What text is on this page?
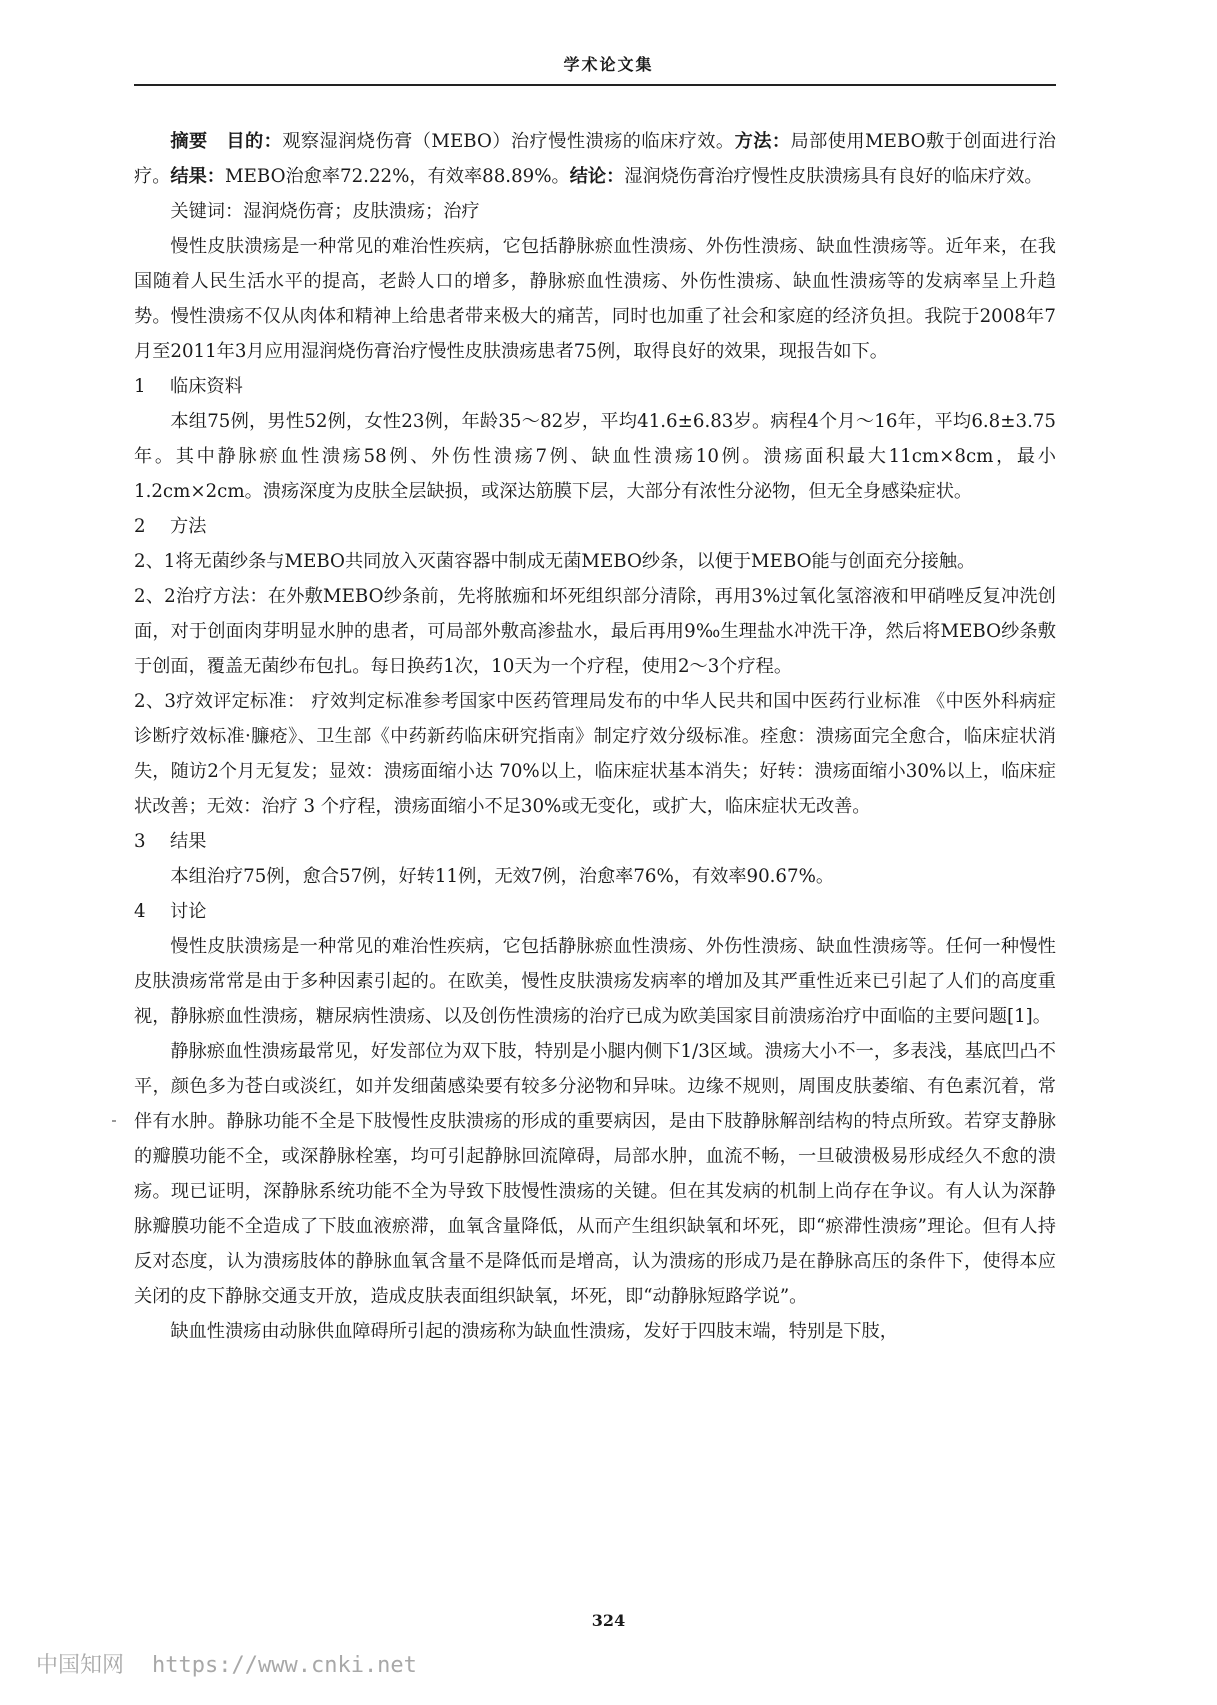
学术论文集

摘要 目的：观察湿润烧伤膏（MEBO）治疗慢性溃疡的临床疗效。方法：局部使用MEBO敷于创面进行治疗。结果：MEBO治愈率72.22%，有效率88.89%。结论：湿润烧伤膏治疗慢性皮肤溃疡具有良好的临床疗效。

关键词：湿润烧伤膏；皮肤溃疡；治疗

慢性皮肤溃疡是一种常见的难治性疾病，它包括静脉瘀血性溃疡、外伤性溃疡、缺血性溃疡等。近年来，在我国随着人民生活水平的提高，老龄人口的增多，静脉瘀血性溃疡、外伤性溃疡、缺血性溃疡等的发病率呈上升趋势。慢性溃疡不仅从肉体和精神上给患者带来极大的痛苦，同时也加重了社会和家庭的经济负担。我院于2008年7月至2011年3月应用湿润烧伤膏治疗慢性皮肤溃疡患者75例，取得良好的效果，现报告如下。

1 临床资料

本组75例，男性52例，女性23例，年龄35～82岁，平均41.6±6.83岁。病程4个月～16年，平均6.8±3.75年。其中静脉瘀血性溃疡58例、外伤性溃疡7例、缺血性溃疡10例。溃疡面积最大11cm×8cm，最小1.2cm×2cm。溃疡深度为皮肤全层缺损，或深达筋膜下层，大部分有浓性分泌物，但无全身感染症状。

2 方法

2、1将无菌纱条与MEBO共同放入灭菌容器中制成无菌MEBO纱条，以便于MEBO能与创面充分接触。

2、2治疗方法：在外敷MEBO纱条前，先将脓痂和坏死组织部分清除，再用3%过氧化氢溶液和甲硝唑反复冲洗创面，对于创面肉芽明显水肿的患者，可局部外敷高渗盐水，最后再用9‰生理盐水冲洗干净，然后将MEBO纱条敷于创面，覆盖无菌纱布包扎。每日换药1次，10天为一个疗程，使用2～3个疗程。

2、3疗效评定标准： 疗效判定标准参考国家中医药管理局发布的中华人民共和国中医药行业标准 《中医外科病症诊断疗效标准·臁疮》、卫生部《中药新药临床研究指南》制定疗效分级标准。痊愈：溃疡面完全愈合，临床症状消失，随访2个月无复发；显效：溃疡面缩小达 70%以上，临床症状基本消失；好转：溃疡面缩小30%以上，临床症状改善；无效：治疗 3 个疗程，溃疡面缩小不足30%或无变化，或扩大，临床症状无改善。

3 结果

本组治疗75例，愈合57例，好转11例，无效7例，治愈率76%，有效率90.67%。

4 讨论

慢性皮肤溃疡是一种常见的难治性疾病，它包括静脉瘀血性溃疡、外伤性溃疡、缺血性溃疡等。任何一种慢性皮肤溃疡常常是由于多种因素引起的。在欧美，慢性皮肤溃疡发病率的增加及其严重性近来已引起了人们的高度重视，静脉瘀血性溃疡，糖尿病性溃疡、以及创伤性溃疡的治疗已成为欧美国家目前溃疡治疗中面临的主要问题[1]。

静脉瘀血性溃疡最常见，好发部位为双下肢，特别是小腿内侧下1/3区域。溃疡大小不一，多表浅，基底凹凸不平，颜色多为苍白或淡红，如并发细菌感染要有较多分泌物和异味。边缘不规则，周围皮肤萎缩、有色素沉着，常伴有水肿。静脉功能不全是下肢慢性皮肤溃疡的形成的重要病因，是由下肢静脉解剖结构的特点所致。若穿支静脉的瓣膜功能不全，或深静脉栓塞，均可引起静脉回流障碍，局部水肿，血流不畅，一旦破溃极易形成经久不愈的溃疡。现已证明，深静脉系统功能不全为导致下肢慢性溃疡的关键。但在其发病的机制上尚存在争议。有人认为深静脉瓣膜功能不全造成了下肢血液瘀滞，血氧含量降低，从而产生组织缺氧和坏死，即“瘀滞性溃疡”理论。但有人持反对态度，认为溃疡肢体的静脉血氧含量不是降低而是增高，认为溃疡的形成乃是在静脉高压的条件下，使得本应关闭的皮下静脉交通支开放，造成皮肤表面组织缺氧，坏死，即“动静脉短路学说”。

缺血性溃疡由动脉供血障碍所引起的溃疡称为缺血性溃疡，发好于四肢末端，特别是下肢，

324
中国知网 https://www.cnki.net
